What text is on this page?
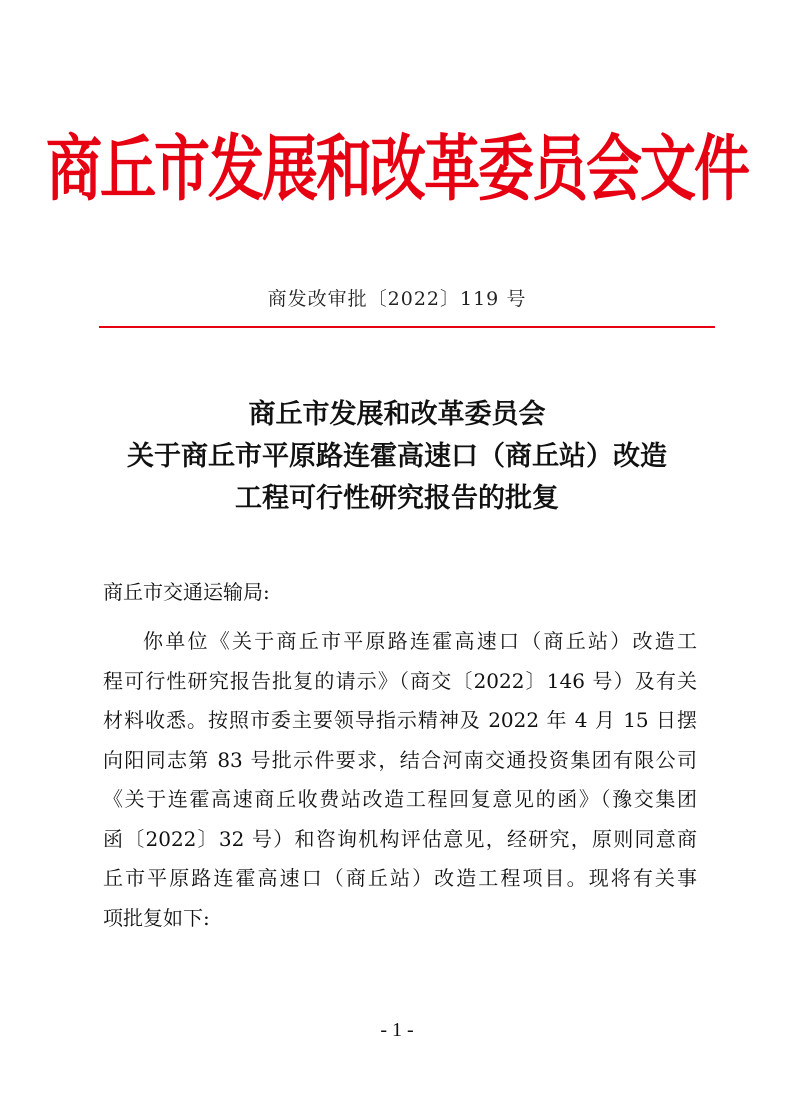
商丘市发展和改革委员会文件
商发改审批〔2022〕119 号
商丘市发展和改革委员会
关于商丘市平原路连霍高速口（商丘站）改造
工程可行性研究报告的批复
商丘市交通运输局:
你单位《关于商丘市平原路连霍高速口（商丘站）改造工
程可行性研究报告批复的请示》（商交〔2022〕146 号）及有关
材料收悉。按照市委主要领导指示精神及 2022 年 4 月 15 日摆
向阳同志第 83 号批示件要求，结合河南交通投资集团有限公司
《关于连霍高速商丘收费站改造工程回复意见的函》（豫交集团
函〔2022〕32 号）和咨询机构评估意见，经研究，原则同意商
丘市平原路连霍高速口（商丘站）改造工程项目。现将有关事
项批复如下:
- 1 -
